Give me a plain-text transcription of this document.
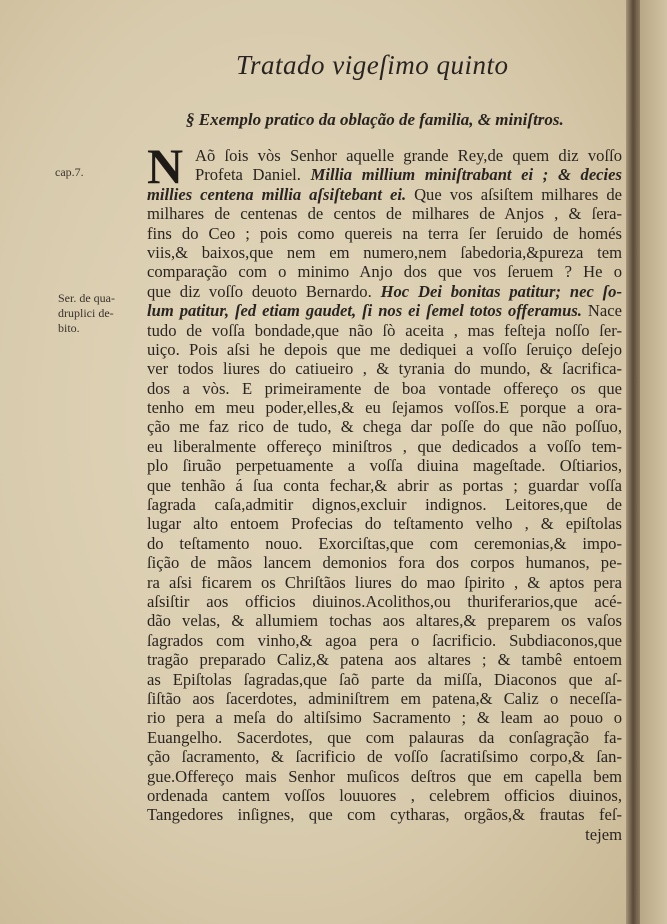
Tratado vigeſimo quinto
§ Exemplo pratico da oblação de familia, & miniſtros.
cap.7.
Ser. de qua-
druplici de-
bito.
N Aõ ſois vòs Senhor aquelle grande Rey,de quem diz voſſo
Profeta Daniel. Millia millium miniſtrabant ei ; & decies
millies centena millia aſsiſtebant ei. Que vos aſsiſtem milhares de
milhares de centenas de centos de milhares de Anjos , & ſera-
fins do Ceo ; pois como quereis na terra ſer ſeruido de homés
viis,& baixos,que nem em numero,nem ſabedoria,&pureza tem
comparação com o minimo Anjo dos que vos ſeruem ? He o
que diz voſſo deuoto Bernardo. Hoc Dei bonitas patitur; nec ſo-
lum patitur, ſed etiam gaudet, ſi nos ei ſemel totos offeramus. Nace
tudo de voſſa bondade,que não ſò aceita , mas feſteja noſſo ſer-
uiço. Pois aſsi he depois que me dediquei a voſſo ſeruiço deſejo
ver todos liures do catiueiro , & tyrania do mundo, & ſacrifica-
dos a vòs. E primeiramente de boa vontade offereço os que
tenho em meu poder,elles,& eu ſejamos voſſos.E porque a ora-
ção me faz rico de tudo, & chega dar poſſe do que não poſſuo,
eu liberalmente offereço miniſtros , que dedicados a voſſo tem-
plo ſiruão perpetuamente a voſſa diuina mageſtade. Oſtiarios,
que tenhão á ſua conta fechar,& abrir as portas ; guardar voſſa
ſagrada caſa,admitir dignos,excluir indignos. Leitores,que de
lugar alto entoem Profecias do teſtamento velho , & epiſtolas
do teſtamento nouo. Exorciſtas,que com ceremonias,& impo-
ſição de mãos lancem demonios fora dos corpos humanos, pe-
ra aſsi ficarem os Chriſtãos liures do mao ſpirito , & aptos pera
aſsiſtir aos officios diuinos.Acolithos,ou thuriferarios,que acé-
dão velas, & allumiem tochas aos altares,& preparem os vaſos
ſagrados com vinho,& agoa pera o ſacrificio. Subdiaconos,que
tragão preparado Caliz,& patena aos altares ; & tambê entoem
as Epiſtolas ſagradas,que ſaõ parte da miſſa, Diaconos que aſ-
ſiſtão aos ſacerdotes, adminiſtrem em patena,& Caliz o neceſſa-
rio pera a meſa do altiſsimo Sacramento ; & leam ao pouo o
Euangelho. Sacerdotes, que com palauras da conſagração fa-
ção ſacramento, & ſacrificio de voſſo ſacratiſsimo corpo,& ſan-
gue.Offereço mais Senhor muſicos deſtros que em capella bem
ordenada cantem voſſos louuores , celebrem officios diuinos,
Tangedores inſignes, que com cytharas, orgãos,& frautas feſ-
tejem
